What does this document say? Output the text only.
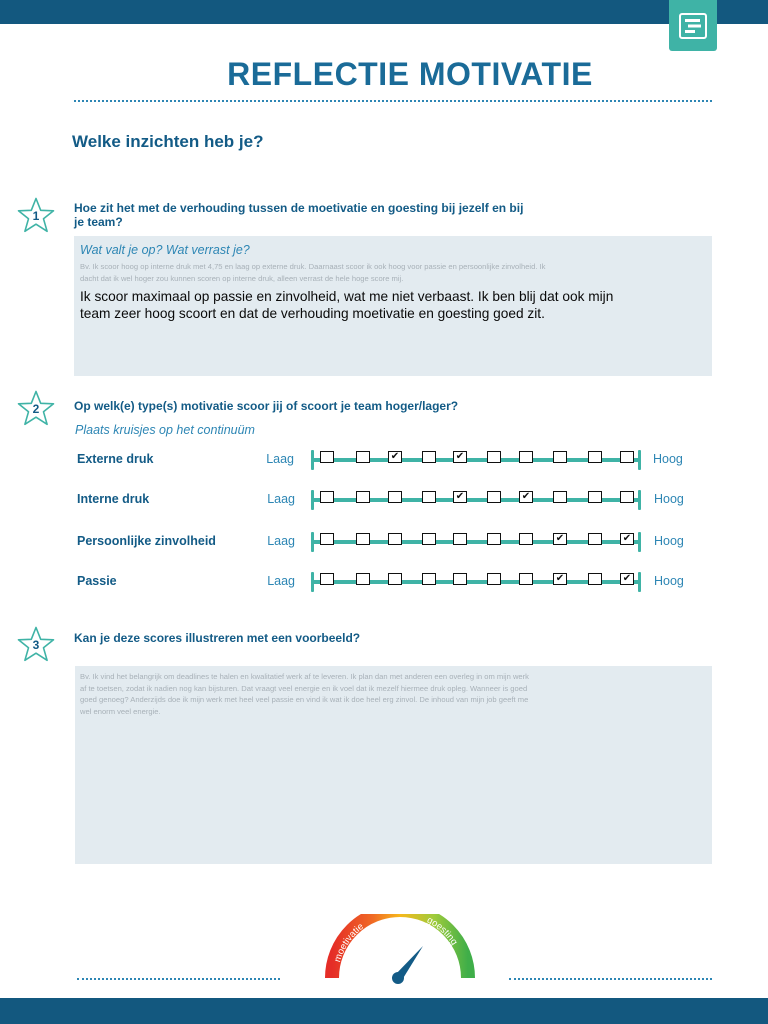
REFLECTIE MOTIVATIE
Welke inzichten heb je?
1
Hoe zit het met de verhouding tussen de moetivatie en goesting bij jezelf en bij
je team?
Wat valt je op? Wat verrast je?
Bv. Ik scoor hoog op interne druk met 4,75 en laag op externe druk. Daarnaast scoor ik ook hoog voor passie en persoonlijke zinvolheid. Ik
dacht dat ik wel hoger zou kunnen scoren op interne druk, alleen verrast de hele hoge score mij.
Ik scoor maximaal op passie en zinvolheid, wat me niet verbaast. Ik ben blij dat ook mijn
team zeer hoog scoort en dat de verhouding moetivatie en goesting goed zit.
2	Op welk(e) type(s) motivatie scoor jij of scoort je team hoger/lager?
Plaats kruisjes op het continuüm
Externe druk	Laag	✔	✔	Hoog
Interne druk	Laag	✔	✔	Hoog
Persoonlijke zinvolheid	Laag	✔	✔ Hoog
Passie	Laag	✔	✔ Hoog
3	Kan je deze scores illustreren met een voorbeeld?
Bv. Ik vind het belangrijk om deadlines te halen en kwalitatief werk af te leveren. Ik plan dan met anderen een overleg in om mijn werk
af te toetsen, zodat ik nadien nog kan bijsturen. Dat vraagt veel energie en ik voel dat ik mezelf hiermee druk opleg. Wanneer is goed
goed genoeg? Anderzijds doe ik mijn werk met heel veel passie en vind ik wat ik doe heel erg zinvol. De inhoud van mijn job geeft me
wel enorm veel energie.
moetivatie
goesting
